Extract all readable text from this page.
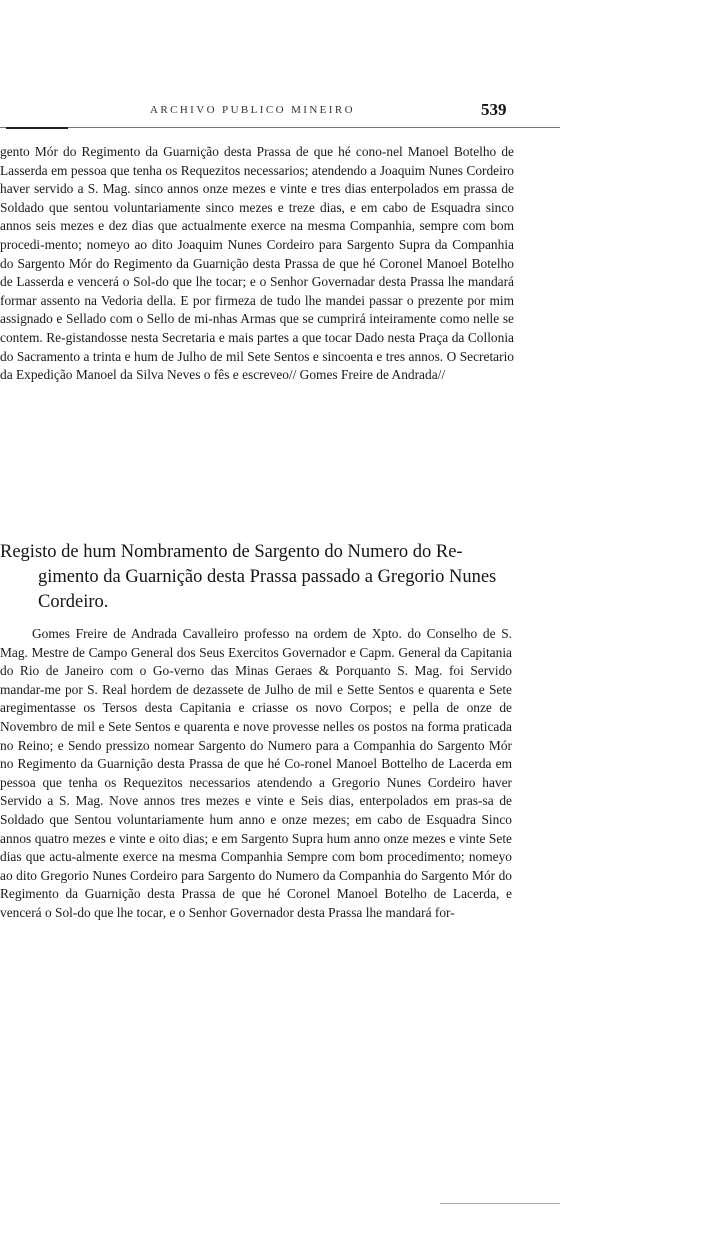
ARCHIVO PUBLICO MINEIRO	539

gento Mór do Regimento da Guarnição desta Prassa de que hé cono-nel Manoel Botelho de Lasserda em pessoa que tenha os Requezitos necessarios; atendendo a Joaquim Nunes Cordeiro haver servido a S. Mag. sinco annos onze mezes e vinte e tres dias enterpolados em prassa de Soldado que sentou voluntariamente sinco mezes e treze dias, e em cabo de Esquadra sinco annos seis mezes e dez dias que actualmente exerce na mesma Companhia, sempre com bom procedi-mento; nomeyo ao dito Joaquim Nunes Cordeiro para Sargento Supra da Companhia do Sargento Mór do Regimento da Guarnição desta Prassa de que hé Coronel Manoel Botelho de Lasserda e vencerá o Sol-do que lhe tocar; e o Senhor Governadar desta Prassa lhe mandará formar assento na Vedoria della. E por firmeza de tudo lhe mandei passar o prezente por mim assignado e Sellado com o Sello de mi-nhas Armas que se cumprirá inteiramente como nelle se contem. Re-gistandosse nesta Secretaria e mais partes a que tocar Dado nesta Praça da Collonia do Sacramento a trinta e hum de Julho de mil Sete Sentos e sincoenta e tres annos. O Secretario da Expedição Manoel da Silva Neves o fês e escreveo// Gomes Freire de Andrada//

Registo de hum Nombramento de Sargento do Numero do Re-gimento da Guarnição desta Prassa passado a Gregorio Nunes Cordeiro.

Gomes Freire de Andrada Cavalleiro professo na ordem de Xpto. do Conselho de S. Mag. Mestre de Campo General dos Seus Exercitos Governador e Capm. General da Capitania do Rio de Janeiro com o Go-verno das Minas Geraes & Porquanto S. Mag. foi Servido mandar-me por S. Real hordem de dezassete de Julho de mil e Sette Sentos e quarenta e Sete aregimentasse os Tersos desta Capitania e criasse os novo Corpos; e pella de onze de Novembro de mil e Sete Sentos e quarenta e nove provesse nelles os postos na forma praticada no Reino; e Sendo pressizo nomear Sargento do Numero para a Companhia do Sargento Mór no Regimento da Guarnição desta Prassa de que hé Co-ronel Manoel Bottelho de Lacerda em pessoa que tenha os Requezitos necessarios atendendo a Gregorio Nunes Cordeiro haver Servido a S. Mag. Nove annos tres mezes e vinte e Seis dias, enterpolados em pras-sa de Soldado que Sentou voluntariamente hum anno e onze mezes; em cabo de Esquadra Sinco annos quatro mezes e vinte e oito dias; e em Sargento Supra hum anno onze mezes e vinte Sete dias que actu-almente exerce na mesma Companhia Sempre com bom procedimento; nomeyo ao dito Gregorio Nunes Cordeiro para Sargento do Numero da Companhia do Sargento Mór do Regimento da Guarnição desta Prassa de que hé Coronel Manoel Botelho de Lacerda, e vencerá o Sol-do que lhe tocar, e o Senhor Governador desta Prassa lhe mandará for-
